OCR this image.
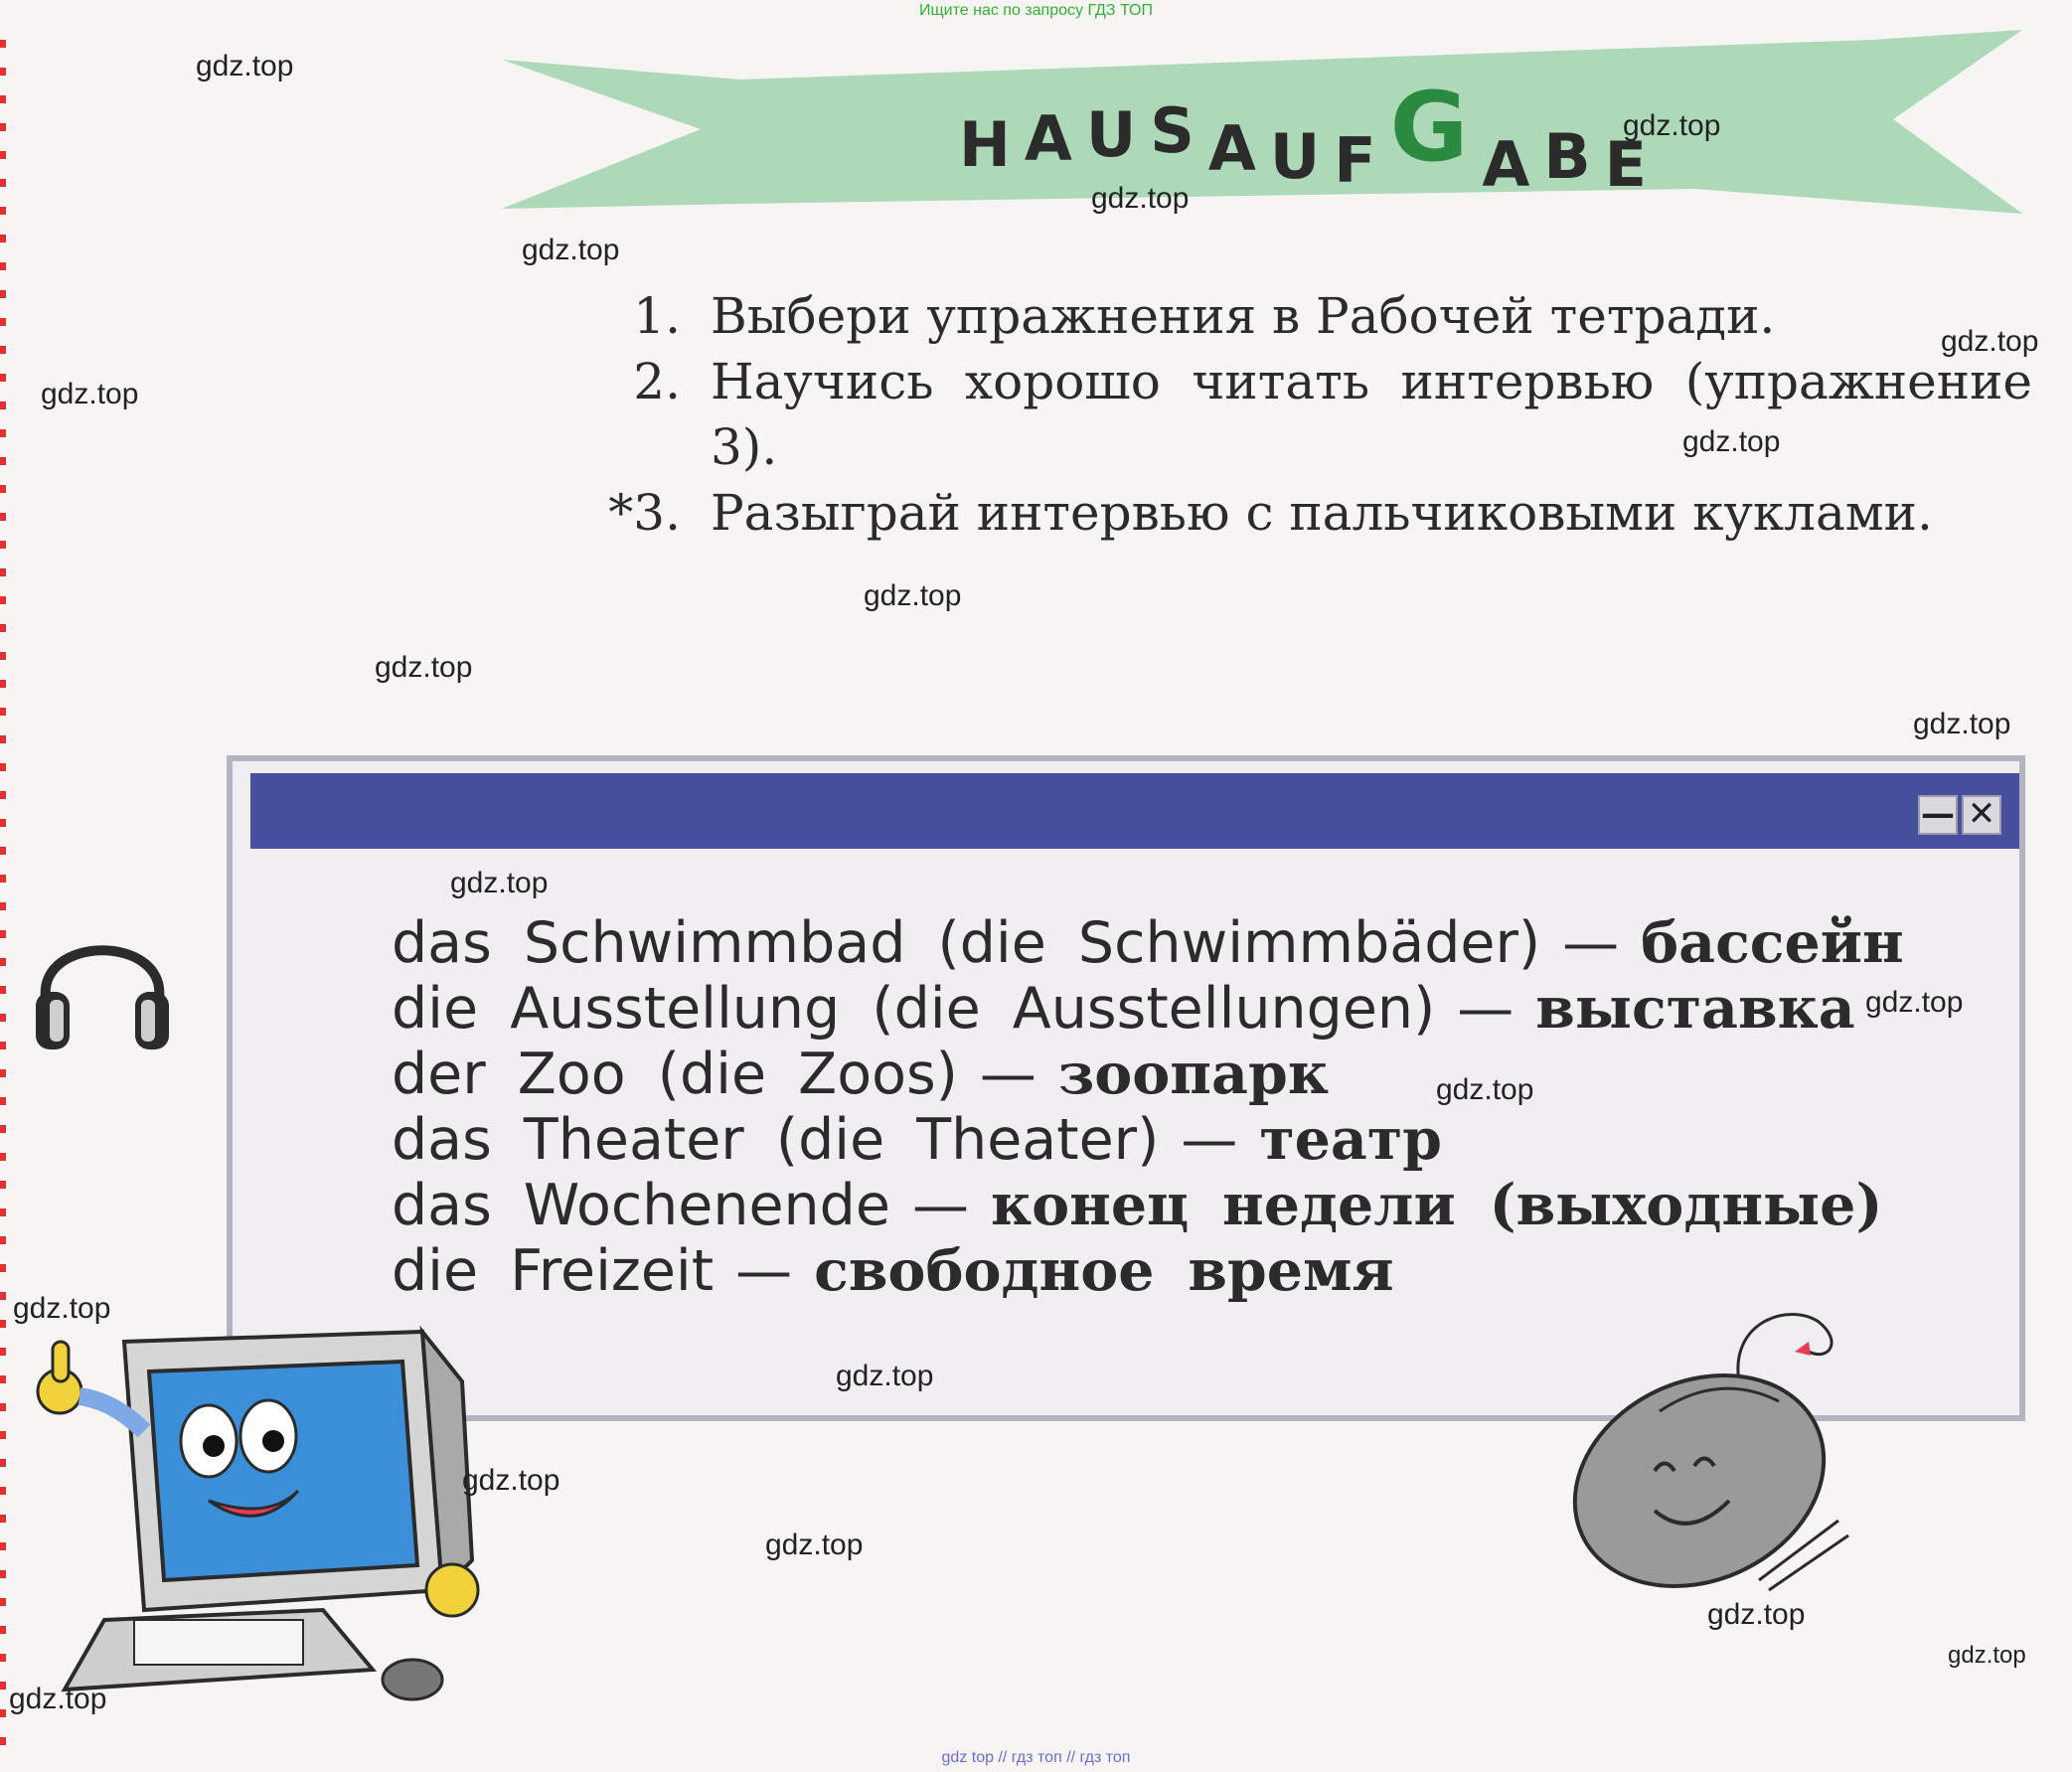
Ищите нас по запросу ГДЗ ТОП

HAUSAUFGABE
1. Выбери упражнения в Рабочей тетради.
2. Научись хорошо читать интервью (упражнение 3).
*3. Разыграй интервью с пальчиковыми куклами.
— ✕
das Schwimmbad (die Schwimmbäder) — бассейн
die Ausstellung (die Ausstellungen) — выставка
der Zoo (die Zoos) — зоопарк
das Theater (die Theater) — театр
das Wochenende — конец недели (выходные)
die Freizeit — свободное время
gdz.top
gdz.top
gdz.top
gdz.top
gdz.top
gdz.top
gdz.top
gdz.top
gdz.top
gdz.top
gdz.top
gdz.top
gdz.top
gdz.top
gdz.top
gdz.top
gdz.top
gdz.top
gdz.top
gdz.top
gdz top // гдз топ // гдз топ
